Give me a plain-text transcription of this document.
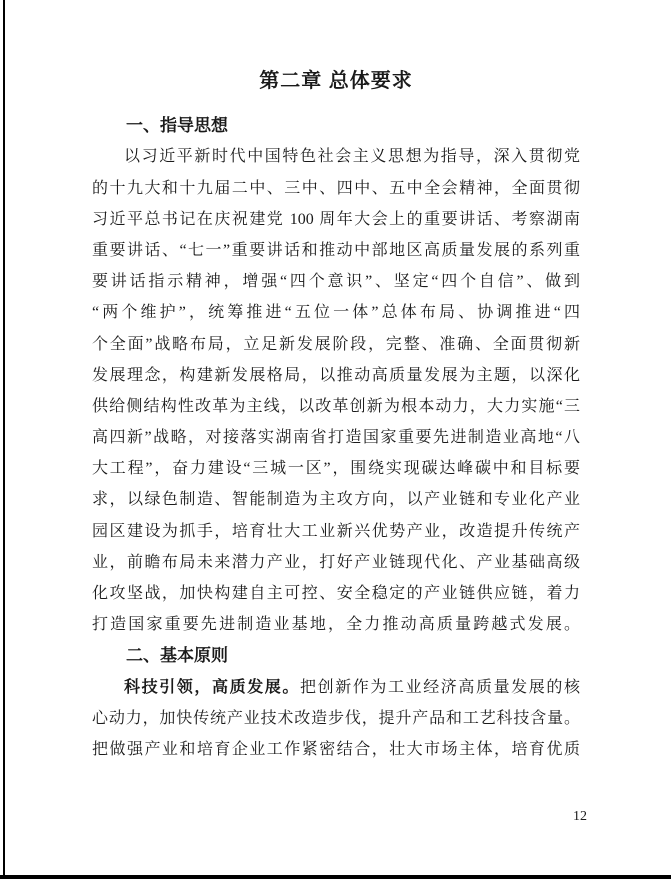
第二章 总体要求
一、指导思想
以习近平新时代中国特色社会主义思想为指导，深入贯彻党
的十九大和十九届二中、三中、四中、五中全会精神，全面贯彻
习近平总书记在庆祝建党 100 周年大会上的重要讲话、考察湖南
重要讲话、“七一”重要讲话和推动中部地区高质量发展的系列重
要讲话指示精神，增强“四个意识”、坚定“四个自信”、做到
“两个维护”，统筹推进“五位一体”总体布局、协调推进“四
个全面”战略布局，立足新发展阶段，完整、准确、全面贯彻新
发展理念，构建新发展格局，以推动高质量发展为主题，以深化
供给侧结构性改革为主线，以改革创新为根本动力，大力实施“三
高四新”战略，对接落实湖南省打造国家重要先进制造业高地“八
大工程”，奋力建设“三城一区”，围绕实现碳达峰碳中和目标要
求，以绿色制造、智能制造为主攻方向，以产业链和专业化产业
园区建设为抓手，培育壮大工业新兴优势产业，改造提升传统产
业，前瞻布局未来潜力产业，打好产业链现代化、产业基础高级
化攻坚战，加快构建自主可控、安全稳定的产业链供应链，着力
打造国家重要先进制造业基地，全力推动高质量跨越式发展。
二、基本原则
科技引领，高质发展。把创新作为工业经济高质量发展的核
心动力，加快传统产业技术改造步伐，提升产品和工艺科技含量。
把做强产业和培育企业工作紧密结合，壮大市场主体，培育优质
12
